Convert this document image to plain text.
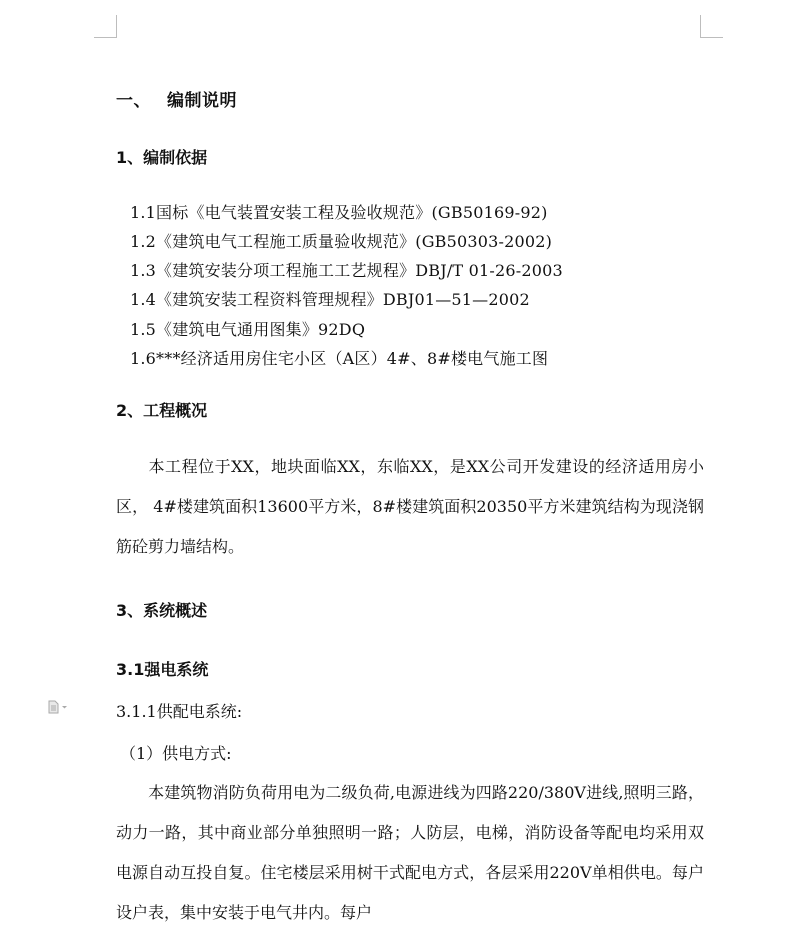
一、 编制说明
1、编制依据
1.1国标《电气装置安装工程及验收规范》(GB50169-92)
1.2《建筑电气工程施工质量验收规范》(GB50303-2002)
1.3《建筑安装分项工程施工工艺规程》DBJ/T 01-26-2003
1.4《建筑安装工程资料管理规程》DBJ01—51—2002
1.5《建筑电气通用图集》92DQ
1.6***经济适用房住宅小区（A区）4#、8#楼电气施工图
2、工程概况
本工程位于XX，地块面临XX，东临XX，是XX公司开发建设的经济适用房小区， 4#楼建筑面积13600平方米，8#楼建筑面积20350平方米建筑结构为现浇钢筋砼剪力墙结构。
3、系统概述
3.1强电系统
3.1.1供配电系统:
（1）供电方式:
本建筑物消防负荷用电为二级负荷,电源进线为四路220/380V进线,照明三路，动力一路，其中商业部分单独照明一路；人防层，电梯，消防设备等配电均采用双电源自动互投自复。住宅楼层采用树干式配电方式，各层采用220V单相供电。每户设户表，集中安装于电气井内。每户
